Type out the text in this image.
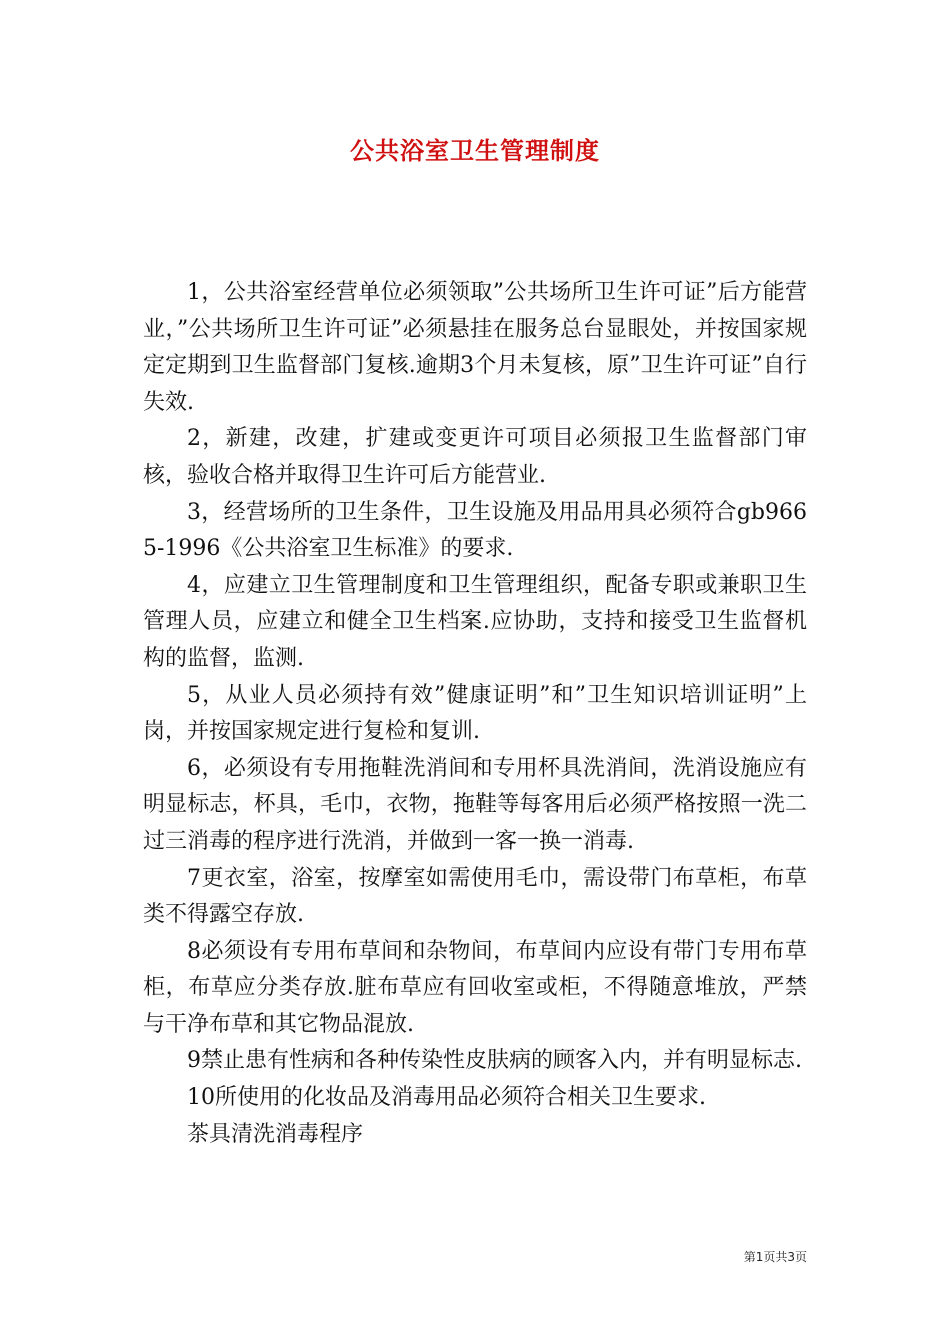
公共浴室卫生管理制度

1，公共浴室经营单位必须领取”公共场所卫生许可证”后方能营业，”公共场所卫生许可证”必须悬挂在服务总台显眼处，并按国家规定定期到卫生监督部门复核.逾期3个月未复核，原”卫生许可证”自行失效.

2，新建，改建，扩建或变更许可项目必须报卫生监督部门审核，验收合格并取得卫生许可后方能营业.

3，经营场所的卫生条件，卫生设施及用品用具必须符合gb9665-1996《公共浴室卫生标准》的要求.

4，应建立卫生管理制度和卫生管理组织，配备专职或兼职卫生管理人员，应建立和健全卫生档案.应协助，支持和接受卫生监督机构的监督，监测.

5，从业人员必须持有效”健康证明”和”卫生知识培训证明”上岗，并按国家规定进行复检和复训.

6，必须设有专用拖鞋洗消间和专用杯具洗消间，洗消设施应有明显标志，杯具，毛巾，衣物，拖鞋等每客用后必须严格按照一洗二过三消毒的程序进行洗消，并做到一客一换一消毒.

7更衣室，浴室，按摩室如需使用毛巾，需设带门布草柜，布草类不得露空存放.

8必须设有专用布草间和杂物间，布草间内应设有带门专用布草柜，布草应分类存放.脏布草应有回收室或柜，不得随意堆放，严禁与干净布草和其它物品混放.

9禁止患有性病和各种传染性皮肤病的顾客入内，并有明显标志.

10所使用的化妆品及消毒用品必须符合相关卫生要求.

茶具清洗消毒程序

第1页共3页
